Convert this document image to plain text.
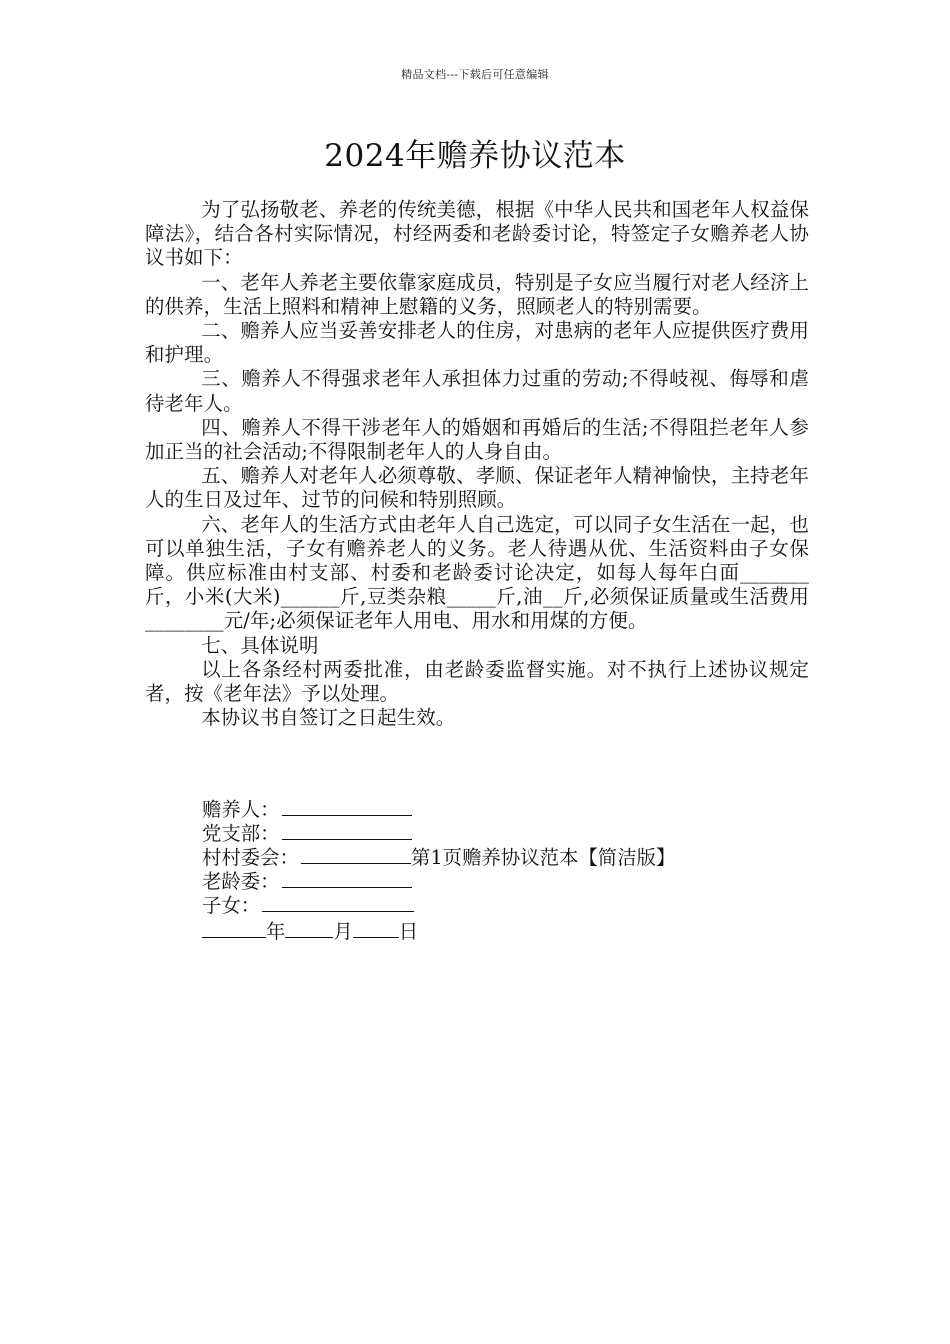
精品文档---下载后可任意编辑
2024年赡养协议范本

为了弘扬敬老、养老的传统美德，根据《中华人民共和国老年人权益保障法》，结合各村实际情况，村经两委和老龄委讨论，特签定子女赡养老人协议书如下：

一、老年人养老主要依靠家庭成员，特别是子女应当履行对老人经济上的供养，生活上照料和精神上慰籍的义务，照顾老人的特别需要。

二、赡养人应当妥善安排老人的住房，对患病的老年人应提供医疗费用和护理。

三、赡养人不得强求老年人承担体力过重的劳动;不得岐视、侮辱和虐待老年人。

四、赡养人不得干涉老年人的婚姻和再婚后的生活;不得阻拦老年人参加正当的社会活动;不得限制老年人的人身自由。

五、赡养人对老年人必须尊敬、孝顺、保证老年人精神愉快，主持老年人的生日及过年、过节的问候和特别照顾。

六、老年人的生活方式由老年人自己选定，可以同子女生活在一起，也可以单独生活，子女有赡养老人的义务。老人待遇从优、生活资料由子女保障。供应标准由村支部、村委和老龄委讨论决定，如每人每年白面_______斤，小米(大米)______斤,豆类杂粮_____斤,油__斤,必须保证质量或生活费用________元/年;必须保证老年人用电、用水和用煤的方便。

七、具体说明

以上各条经村两委批准，由老龄委监督实施。对不执行上述协议规定者，按《老年法》予以处理。

本协议书自签订之日起生效。

赡养人：
党支部：
村村委会：	第1页赡养协议范本【简洁版】
老龄委：
子女：
年 月 日
